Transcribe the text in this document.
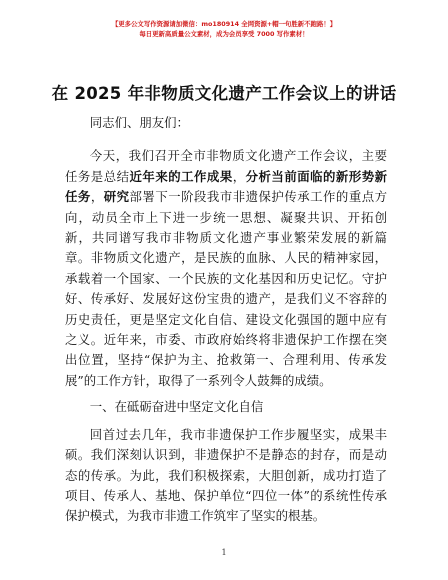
【更多公文写作资源请加微信：mo180914 全网资源+帽一句胜新不跑路！】
每日更新高质量公文素材，成为会员享受 7000 写作素材！
在 2025 年非物质文化遗产工作会议上的讲话

同志们、朋友们：

今天，我们召开全市非物质文化遗产工作会议，主要任务是总结近年来的工作成果，分析当前面临的新形势新任务，研究部署下一阶段我市非遗保护传承工作的重点方向，动员全市上下进一步统一思想、凝聚共识、开拓创新，共同谱写我市非物质文化遗产事业繁荣发展的新篇章。非物质文化遗产，是民族的血脉、人民的精神家园，承载着一个国家、一个民族的文化基因和历史记忆。守护好、传承好、发展好这份宝贵的遗产，是我们义不容辞的历史责任，更是坚定文化自信、建设文化强国的题中应有之义。近年来，市委、市政府始终将非遗保护工作摆在突出位置，坚持“保护为主、抢救第一、合理利用、传承发展”的工作方针，取得了一系列令人鼓舞的成绩。

一、在砥砺奋进中坚定文化自信

回首过去几年，我市非遗保护工作步履坚实，成果丰硕。我们深刻认识到，非遗保护不是静态的封存，而是动态的传承。为此，我们积极探索，大胆创新，成功打造了项目、传承人、基地、保护单位“四位一体”的系统性传承保护模式，为我市非遗工作筑牢了坚实的根基。

1
